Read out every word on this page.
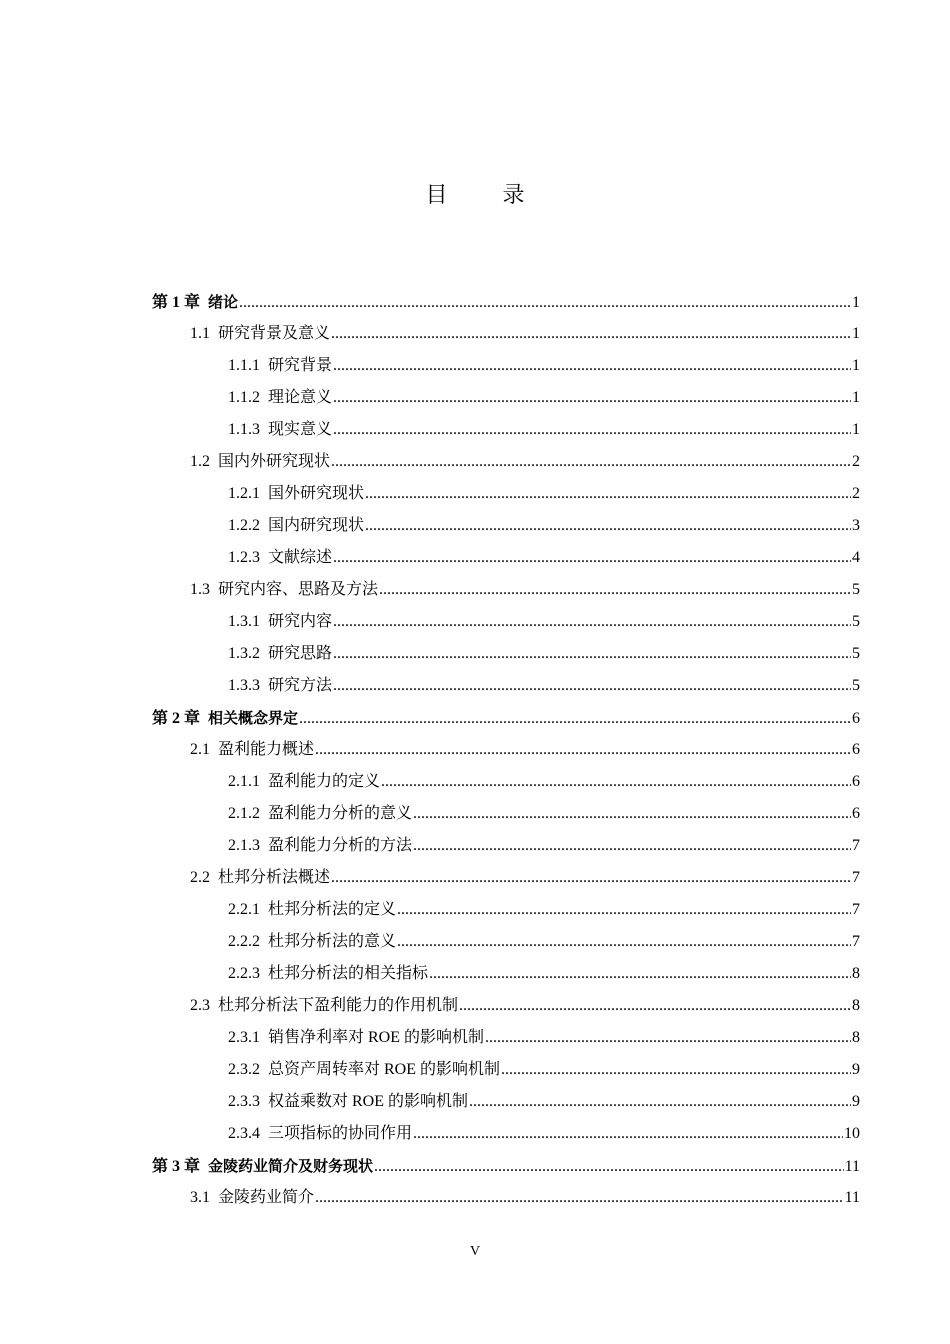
目 录
第 1 章 绪论 .....	1
1.1 研究背景及意义 .....	1
1.1.1 研究背景 .....	1
1.1.2 理论意义 .....	1
1.1.3 现实意义 .....	1
1.2 国内外研究现状 .....	2
1.2.1 国外研究现状 .....	2
1.2.2 国内研究现状 .....	3
1.2.3 文献综述 .....	4
1.3 研究内容、思路及方法 .....	5
1.3.1 研究内容 .....	5
1.3.2 研究思路 .....	5
1.3.3 研究方法 .....	5
第 2 章 相关概念界定 .....	6
2.1 盈利能力概述 .....	6
2.1.1 盈利能力的定义 .....	6
2.1.2 盈利能力分析的意义 .....	6
2.1.3 盈利能力分析的方法 .....	7
2.2 杜邦分析法概述 .....	7
2.2.1 杜邦分析法的定义 .....	7
2.2.2 杜邦分析法的意义 .....	7
2.2.3 杜邦分析法的相关指标 .....	8
2.3 杜邦分析法下盈利能力的作用机制 .....	8
2.3.1 销售净利率对 ROE 的影响机制 .....	8
2.3.2 总资产周转率对 ROE 的影响机制 .....	9
2.3.3 权益乘数对 ROE 的影响机制 .....	9
2.3.4 三项指标的协同作用 .....	10
第 3 章 金陵药业简介及财务现状 .....	11
3.1 金陵药业简介 .....	11
V
